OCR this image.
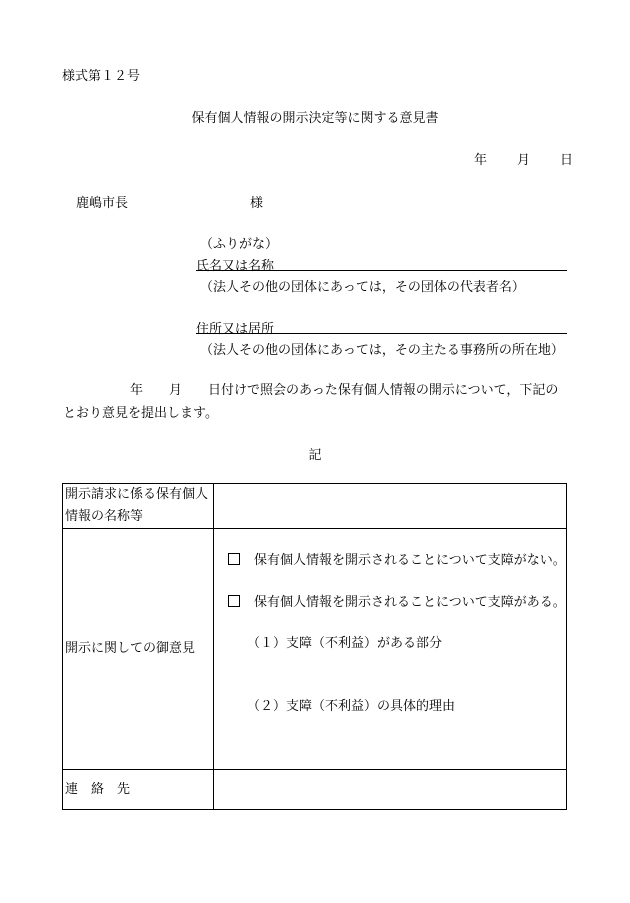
様式第１２号
保有個人情報の開示決定等に関する意見書
年 月 日
鹿嶋市長	様
（ふりがな）
氏名又は名称
（法人その他の団体にあっては，その団体の代表者名）
住所又は居所
（法人その他の団体にあっては，その主たる事務所の所在地）
年 月 日付けで照会のあった保有個人情報の開示について，下記の
とおり意見を提出します。
記
開示請求に係る保有個人情報の名称等	
開示に関しての御意見	保有個人情報を開示されることについて支障がない。
保有個人情報を開示されることについて支障がある。
（１）支障（不利益）がある部分
（２）支障（不利益）の具体的理由

連 絡 先	
